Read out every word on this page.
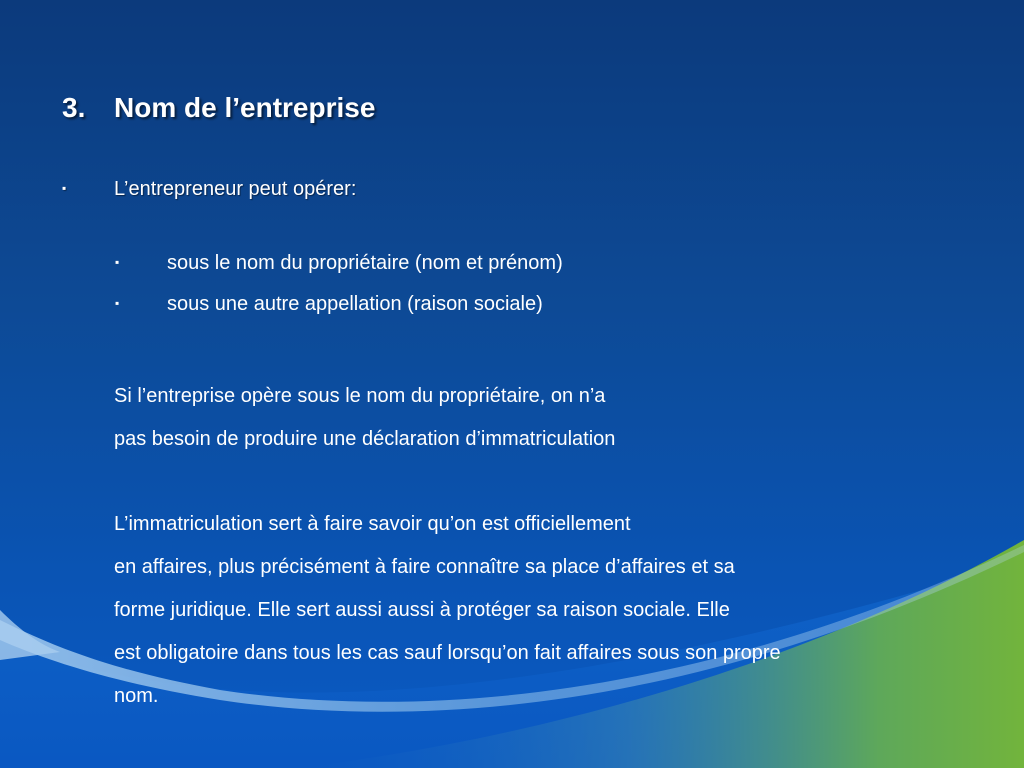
3.	Nom de l’entreprise
▪	L’entrepreneur peut opérer:
▪	sous le nom du propriétaire (nom et prénom)
▪	sous une autre appellation (raison sociale)

Si l’entreprise opère sous le nom du propriétaire, on n’a

pas besoin de produire une déclaration d’immatriculation

L’immatriculation sert à faire savoir qu’on est officiellement

en affaires, plus précisément à faire connaître sa place d’affaires et sa

forme juridique. Elle sert aussi aussi à protéger sa raison sociale. Elle

est obligatoire dans tous les cas sauf lorsqu’on fait affaires sous son propre

nom.
